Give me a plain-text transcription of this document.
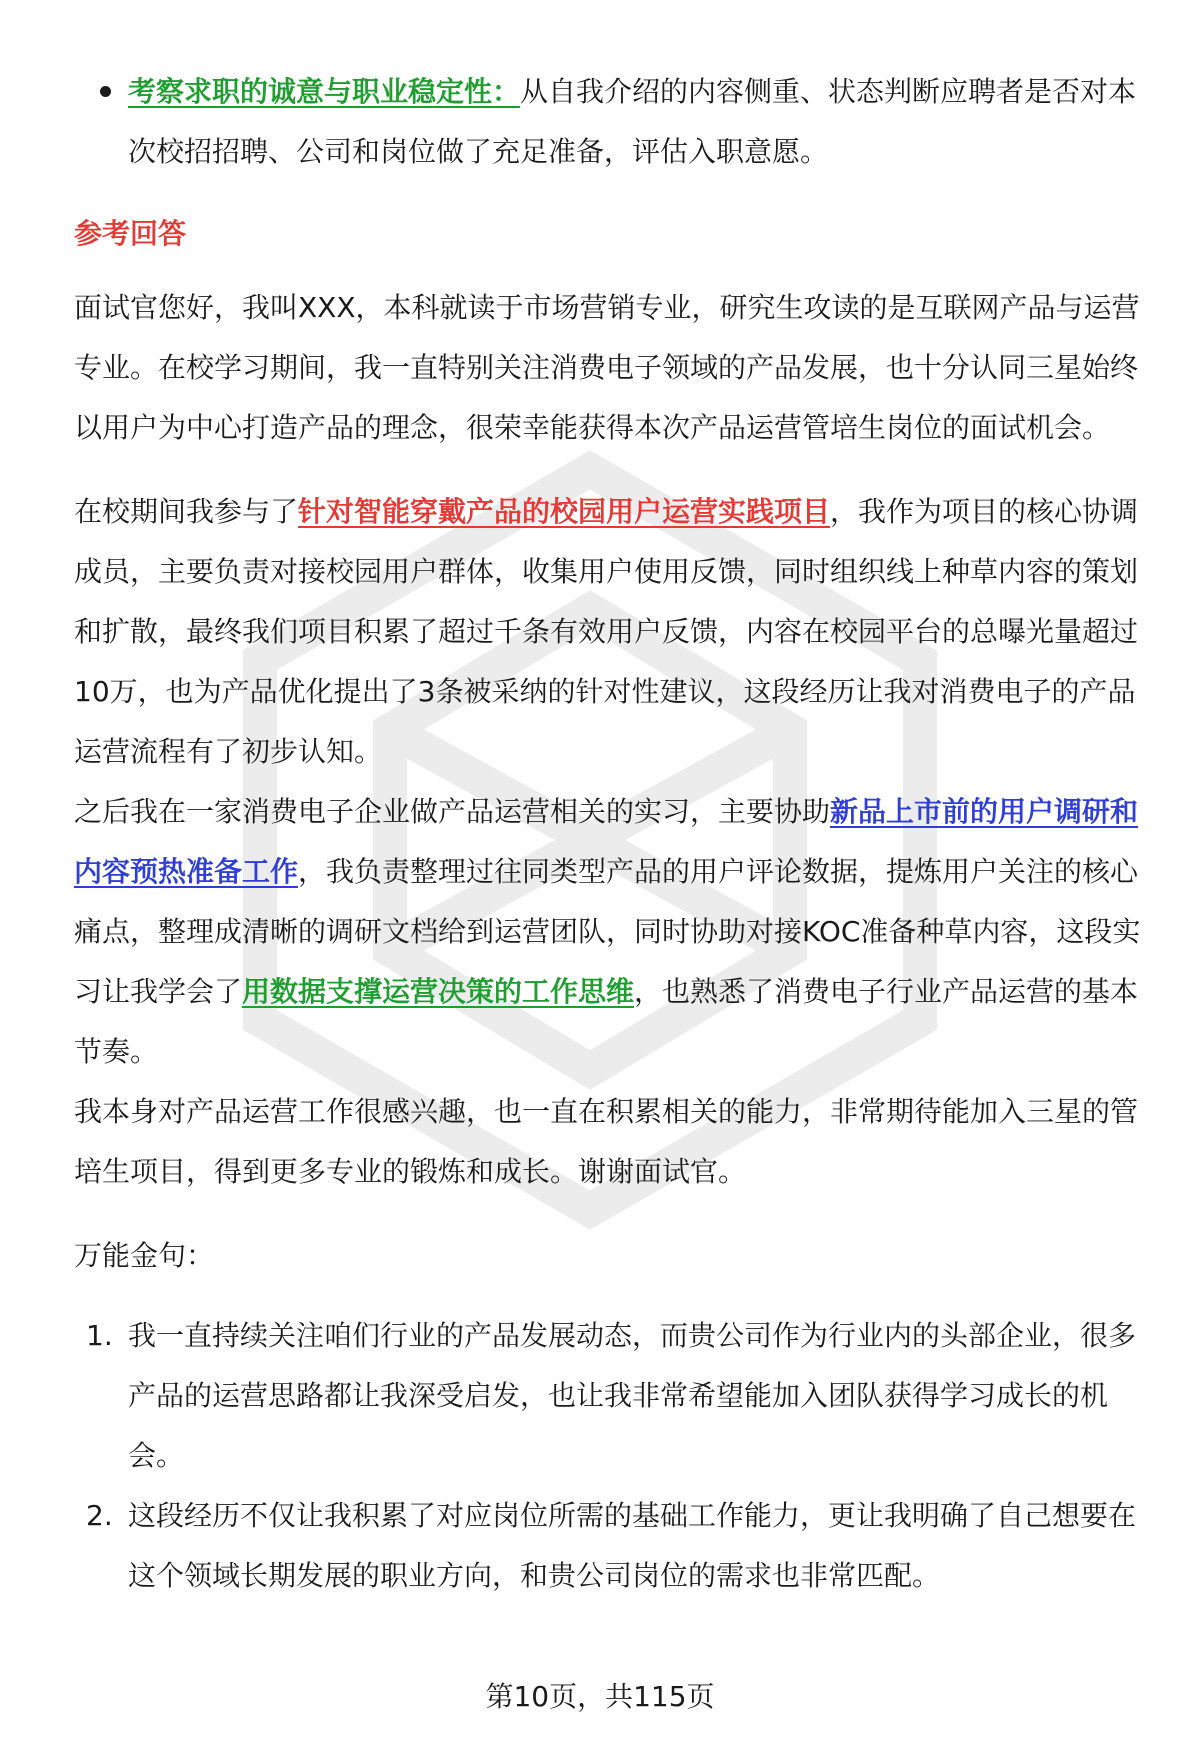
考察求职的诚意与职业稳定性：从自我介绍的内容侧重、状态判断应聘者是否对本次校招招聘、公司和岗位做了充足准备，评估入职意愿。
参考回答

面试官您好，我叫XXX，本科就读于市场营销专业，研究生攻读的是互联网产品与运营专业。在校学习期间，我一直特别关注消费电子领域的产品发展，也十分认同三星始终以用户为中心打造产品的理念，很荣幸能获得本次产品运营管培生岗位的面试机会。

在校期间我参与了针对智能穿戴产品的校园用户运营实践项目，我作为项目的核心协调成员，主要负责对接校园用户群体，收集用户使用反馈，同时组织线上种草内容的策划和扩散，最终我们项目积累了超过千条有效用户反馈，内容在校园平台的总曝光量超过10万，也为产品优化提出了3条被采纳的针对性建议，这段经历让我对消费电子的产品运营流程有了初步认知。

之后我在一家消费电子企业做产品运营相关的实习，主要协助新品上市前的用户调研和内容预热准备工作，我负责整理过往同类型产品的用户评论数据，提炼用户关注的核心痛点，整理成清晰的调研文档给到运营团队，同时协助对接KOC准备种草内容，这段实习让我学会了用数据支撑运营决策的工作思维，也熟悉了消费电子行业产品运营的基本节奏。

我本身对产品运营工作很感兴趣，也一直在积累相关的能力，非常期待能加入三星的管培生项目，得到更多专业的锻炼和成长。谢谢面试官。

万能金句：
1. 我一直持续关注咱们行业的产品发展动态，而贵公司作为行业内的头部企业，很多产品的运营思路都让我深受启发，也让我非常希望能加入团队获得学习成长的机会。
2. 这段经历不仅让我积累了对应岗位所需的基础工作能力，更让我明确了自己想要在这个领域长期发展的职业方向，和贵公司岗位的需求也非常匹配。
第10页，共115页
